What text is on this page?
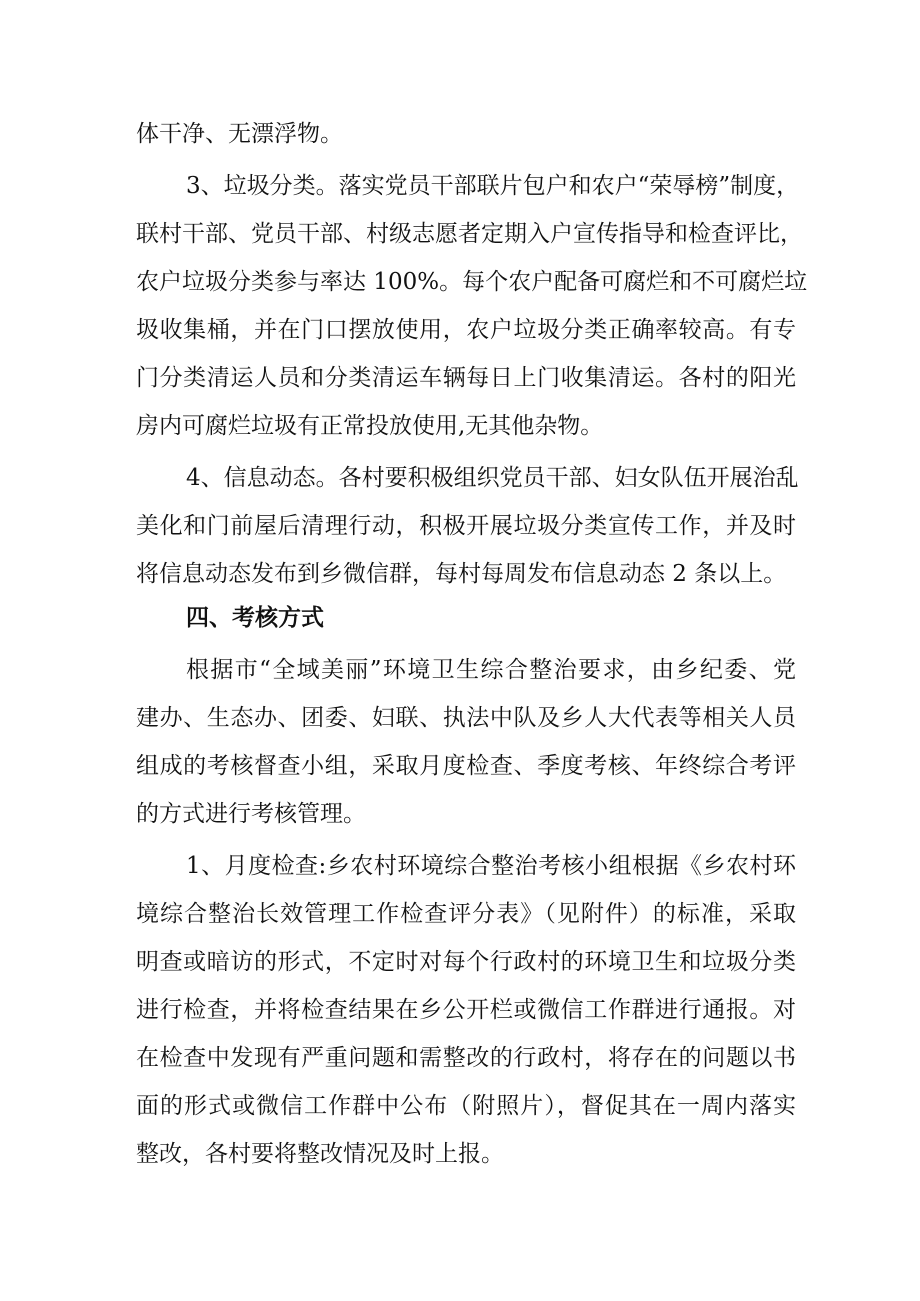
体干净、无漂浮物。
3、垃圾分类。落实党员干部联片包户和农户“荣辱榜”制度，
联村干部、党员干部、村级志愿者定期入户宣传指导和检查评比，
农户垃圾分类参与率达 100%。每个农户配备可腐烂和不可腐烂垃
圾收集桶，并在门口摆放使用，农户垃圾分类正确率较高。有专
门分类清运人员和分类清运车辆每日上门收集清运。各村的阳光
房内可腐烂垃圾有正常投放使用,无其他杂物。
4、信息动态。各村要积极组织党员干部、妇女队伍开展治乱
美化和门前屋后清理行动，积极开展垃圾分类宣传工作，并及时
将信息动态发布到乡微信群，每村每周发布信息动态 2 条以上。
四、考核方式
根据市“全域美丽”环境卫生综合整治要求，由乡纪委、党
建办、生态办、团委、妇联、执法中队及乡人大代表等相关人员
组成的考核督查小组，采取月度检查、季度考核、年终综合考评
的方式进行考核管理。
1、月度检查:乡农村环境综合整治考核小组根据《乡农村环
境综合整治长效管理工作检查评分表》（见附件）的标准，采取
明查或暗访的形式，不定时对每个行政村的环境卫生和垃圾分类
进行检查，并将检查结果在乡公开栏或微信工作群进行通报。对
在检查中发现有严重问题和需整改的行政村，将存在的问题以书
面的形式或微信工作群中公布（附照片），督促其在一周内落实
整改，各村要将整改情况及时上报。
